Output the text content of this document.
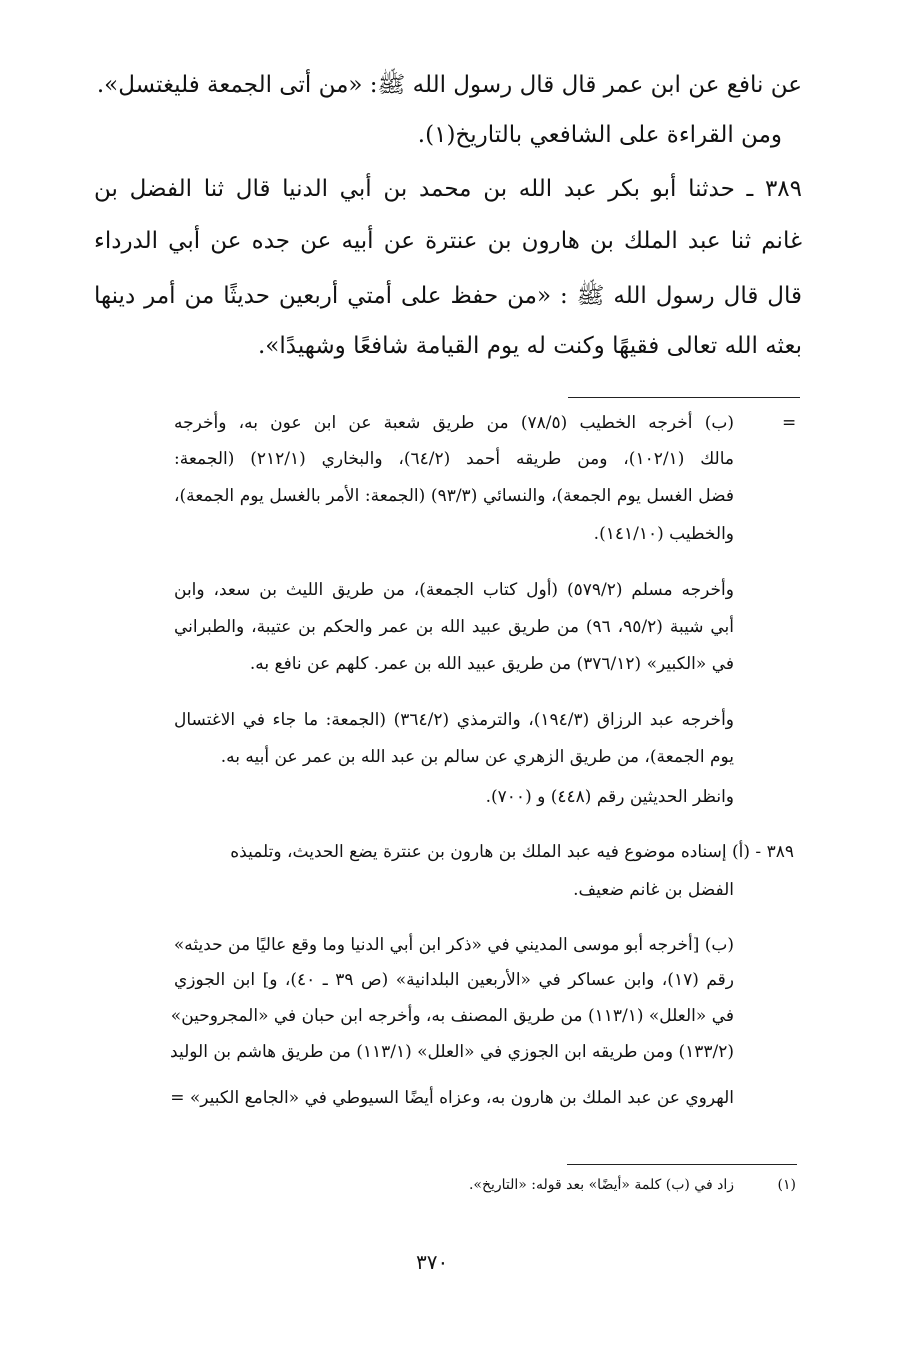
عن نافع عن ابن عمر قال قال رسول الله ﷺ: «من أتى الجمعة فليغتسل».
ومن القراءة على الشافعي بالتاريخ(١).
٣٨٩ ـ حدثنا أبو بكر عبد الله بن محمد بن أبي الدنيا قال ثنا الفضل بن
غانم ثنا عبد الملك بن هارون بن عنترة عن أبيه عن جده عن أبي الدرداء
قال قال رسول الله ﷺ : «من حفظ على أمتي أربعين حديثًا من أمر دينها
بعثه الله تعالى فقيهًا وكنت له يوم القيامة شافعًا وشهيدًا».
=
(ب) أخرجه الخطيب (٧٨/٥) من طريق شعبة عن ابن عون به، وأخرجه
مالك (١٠٢/١)، ومن طريقه أحمد (٦٤/٢)، والبخاري (٢١٢/١) (الجمعة:
فضل الغسل يوم الجمعة)، والنسائي (٩٣/٣) (الجمعة: الأمر بالغسل يوم الجمعة)،
والخطيب (١٤١/١٠).
وأخرجه مسلم (٥٧٩/٢) (أول كتاب الجمعة)، من طريق الليث بن سعد، وابن
أبي شيبة (٩٥/٢، ٩٦) من طريق عبيد الله بن عمر والحكم بن عتيبة، والطبراني
في «الكبير» (٣٧٦/١٢) من طريق عبيد الله بن عمر. كلهم عن نافع به.
وأخرجه عبد الرزاق (١٩٤/٣)، والترمذي (٣٦٤/٢) (الجمعة: ما جاء في الاغتسال
يوم الجمعة)، من طريق الزهري عن سالم بن عبد الله بن عمر عن أبيه به.
وانظر الحديثين رقم (٤٤٨) و (٧٠٠).
٣٨٩ - (أ) إسناده موضوع فيه عبد الملك بن هارون بن عنترة يضع الحديث، وتلميذه
الفضل بن غانم ضعيف.
(ب) [أخرجه أبو موسى المديني في «ذكر ابن أبي الدنيا وما وقع عاليًا من حديثه»
رقم (١٧)، وابن عساكر في «الأربعين البلدانية» (ص ٣٩ ـ ٤٠)، و] ابن الجوزي
في «العلل» (١١٣/١) من طريق المصنف به، وأخرجه ابن حبان في «المجروحين»
(١٣٣/٢) ومن طريقه ابن الجوزي في «العلل» (١١٣/١) من طريق هاشم بن الوليد
الهروي عن عبد الملك بن هارون به، وعزاه أيضًا السيوطي في «الجامع الكبير» =
(١)
زاد في (ب) كلمة «أيضًا» بعد قوله: «التاريخ».
٣٧٠
